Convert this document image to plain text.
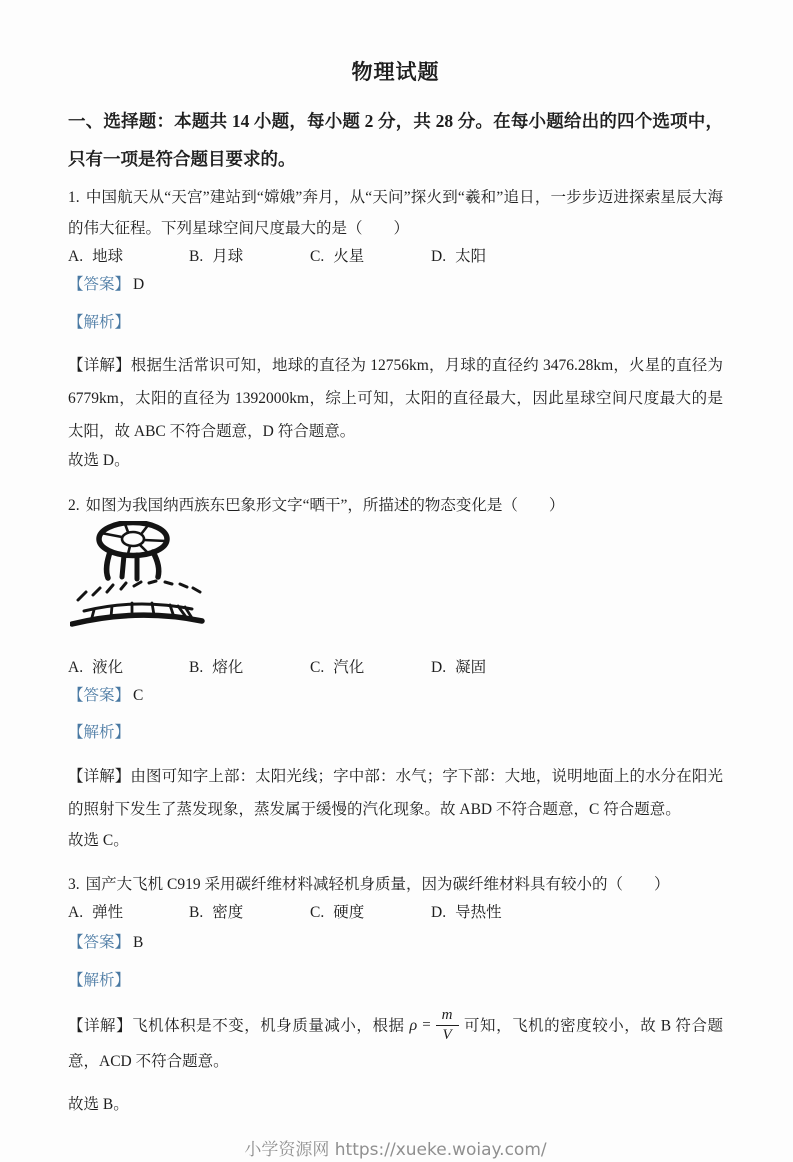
物理试题
一、选择题：本题共 14 小题，每小题 2 分，共 28 分。在每小题给出的四个选项中，只有一项是符合题目要求的。

1. 中国航天从“天宫”建站到“嫦娥”奔月，从“天问”探火到“羲和”追日，一步步迈进探索星辰大海的伟大征程。下列星球空间尺度最大的是（　　）

A. 地球	B. 月球	C. 火星	D. 太阳

【答案】 D

【解析】

【详解】根据生活常识可知，地球的直径为 12756km，月球的直径约 3476.28km，火星的直径为 6779km，太阳的直径为 1392000km，综上可知，太阳的直径最大，因此星球空间尺度最大的是太阳，故 ABC 不符合题意，D 符合题意。

故选 D。

2. 如图为我国纳西族东巴象形文字“晒干”，所描述的物态变化是（　　）

A. 液化	B. 熔化	C. 汽化	D. 凝固

【答案】 C

【解析】

【详解】由图可知字上部：太阳光线；字中部：水气；字下部：大地，说明地面上的水分在阳光的照射下发生了蒸发现象，蒸发属于缓慢的汽化现象。故 ABD 不符合题意，C 符合题意。

故选 C。

3. 国产大飞机 C919 采用碳纤维材料减轻机身质量，因为碳纤维材料具有较小的（　　）

A. 弹性	B. 密度	C. 硬度	D. 导热性

【答案】 B

【解析】

【详解】飞机体积是不变，机身质量减小，根据 $\rho = \frac{m}{V}$ 可知，飞机的密度较小，故 B 符合题意，ACD 不符合题意。

故选 B。

小学资源网 https://xueke.woiay.com/
